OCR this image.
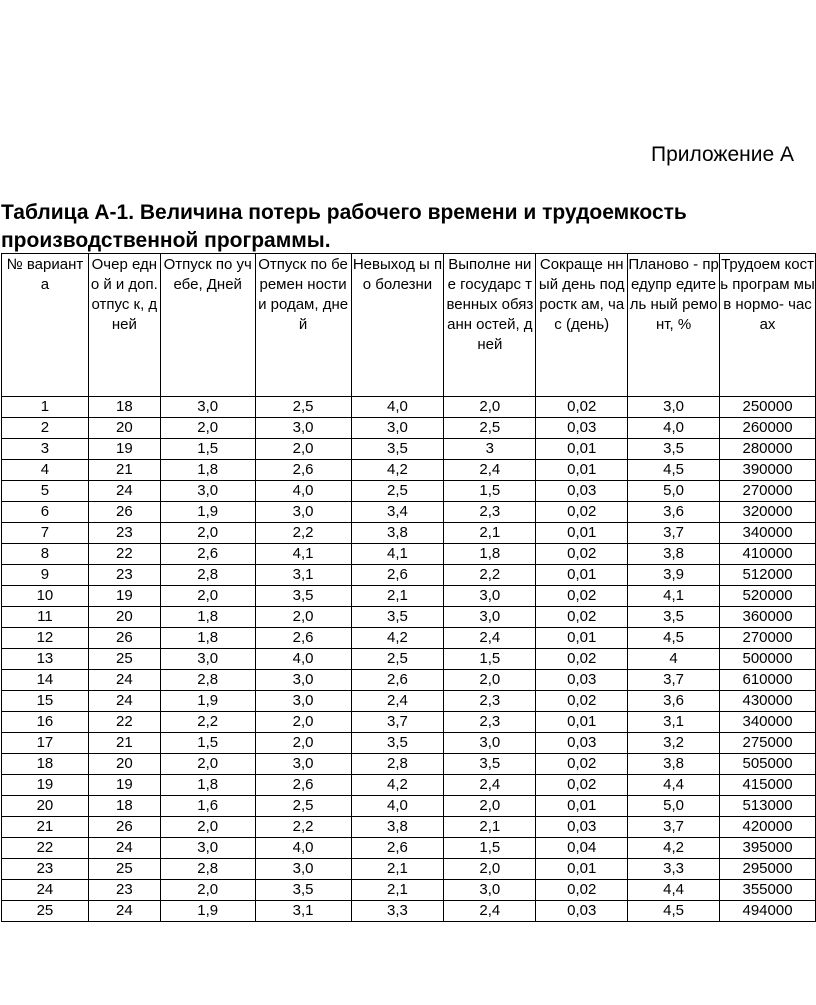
Приложение А
Таблица А-1. Величина потерь рабочего времени и трудоемкость
производственной программы.
№ вариант а	Очер едно й и доп. отпус к, дней	Отпуск по учебе, Дней	Отпуск по беремен ности и родам, дней	Невыход ы по болезни	Выполне ние государс твенных обязанн остей, дней	Сокраще нный день подростк ам, час (день)	Планово - предупр едитель ный ремонт, %	Трудоем кость програм мы в нормо- часах
1	18	3,0	2,5	4,0	2,0	0,02	3,0	250000
2	20	2,0	3,0	3,0	2,5	0,03	4,0	260000
3	19	1,5	2,0	3,5	3	0,01	3,5	280000
4	21	1,8	2,6	4,2	2,4	0,01	4,5	390000
5	24	3,0	4,0	2,5	1,5	0,03	5,0	270000
6	26	1,9	3,0	3,4	2,3	0,02	3,6	320000
7	23	2,0	2,2	3,8	2,1	0,01	3,7	340000
8	22	2,6	4,1	4,1	1,8	0,02	3,8	410000
9	23	2,8	3,1	2,6	2,2	0,01	3,9	512000
10	19	2,0	3,5	2,1	3,0	0,02	4,1	520000
11	20	1,8	2,0	3,5	3,0	0,02	3,5	360000
12	26	1,8	2,6	4,2	2,4	0,01	4,5	270000
13	25	3,0	4,0	2,5	1,5	0,02	4	500000
14	24	2,8	3,0	2,6	2,0	0,03	3,7	610000
15	24	1,9	3,0	2,4	2,3	0,02	3,6	430000
16	22	2,2	2,0	3,7	2,3	0,01	3,1	340000
17	21	1,5	2,0	3,5	3,0	0,03	3,2	275000
18	20	2,0	3,0	2,8	3,5	0,02	3,8	505000
19	19	1,8	2,6	4,2	2,4	0,02	4,4	415000
20	18	1,6	2,5	4,0	2,0	0,01	5,0	513000
21	26	2,0	2,2	3,8	2,1	0,03	3,7	420000
22	24	3,0	4,0	2,6	1,5	0,04	4,2	395000
23	25	2,8	3,0	2,1	2,0	0,01	3,3	295000
24	23	2,0	3,5	2,1	3,0	0,02	4,4	355000
25	24	1,9	3,1	3,3	2,4	0,03	4,5	494000
